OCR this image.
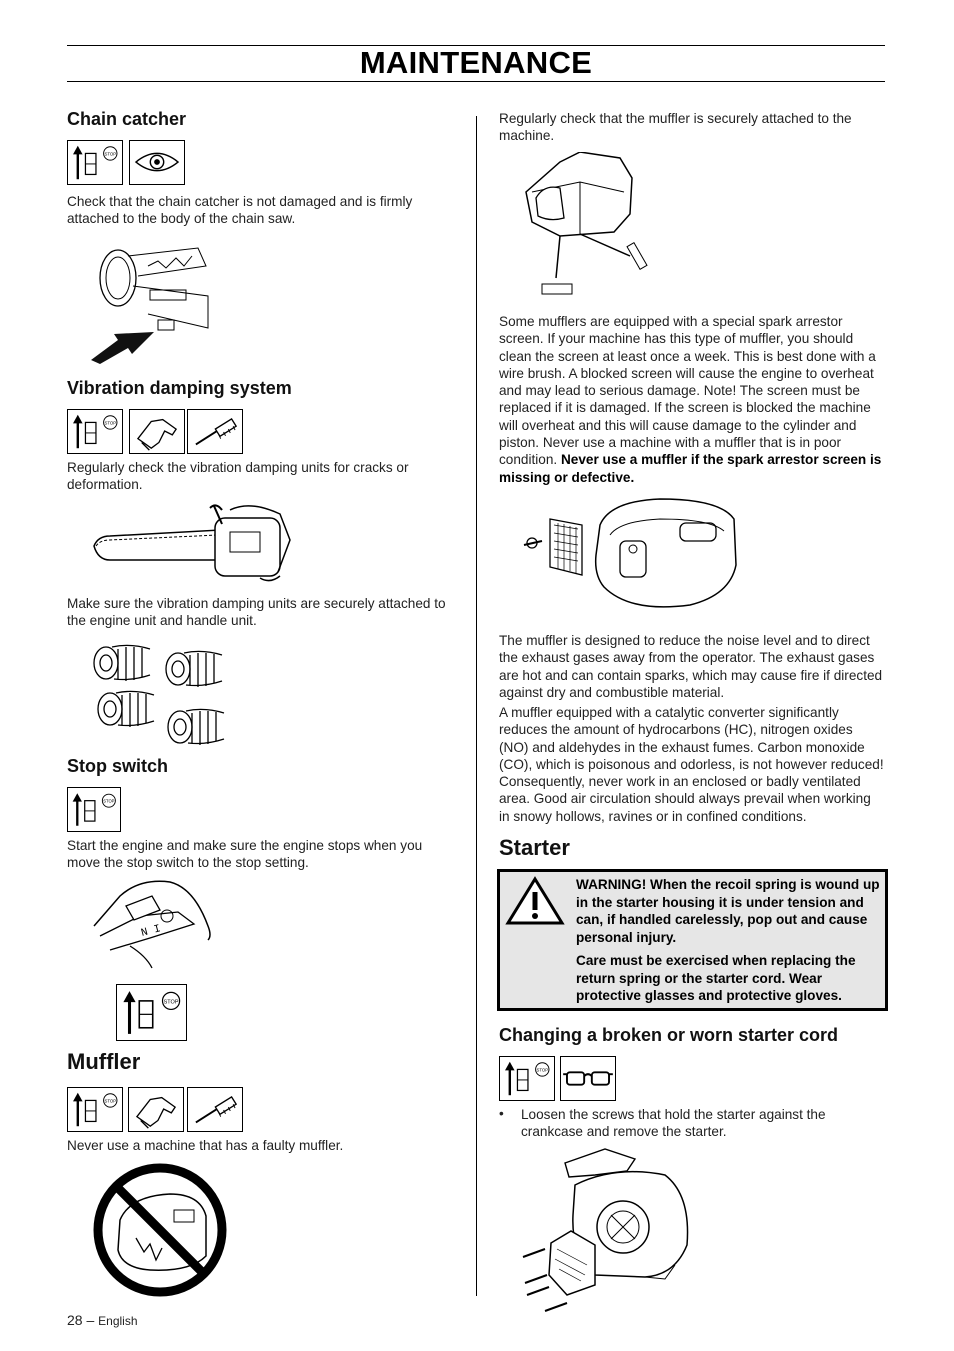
MAINTENANCE
Chain catcher
STOP
Check that the chain catcher is not damaged and is firmly attached to the body of the chain saw.
Vibration damping system
STOP
Regularly check the vibration damping units for cracks or deformation.
Make sure the vibration damping units are securely attached to the engine unit and handle unit.
Stop switch
STOP
Start the engine and make sure the engine stops when you move the stop switch to the stop setting.
N I
STOP
Muffler
STOP
Never use a machine that has a faulty muffler.
28 – English
Regularly check that the muffler is securely attached to the machine.
Some mufflers are equipped with a special spark arrestor screen. If your machine has this type of muffler, you should clean the screen at least once a week. This is best done with a wire brush. A blocked screen will cause the engine to overheat and may lead to serious damage. Note! The screen must be replaced if it is damaged. If the screen is blocked the machine will overheat and this will cause damage to the cylinder and piston. Never use a machine with a muffler that is in poor condition. Never use a muffler if the spark arrestor screen is missing or defective.
The muffler is designed to reduce the noise level and to direct the exhaust gases away from the operator. The exhaust gases are hot and can contain sparks, which may cause fire if directed against dry and combustible material.
A muffler equipped with a catalytic converter significantly reduces the amount of hydrocarbons (HC), nitrogen oxides (NO) and aldehydes in the exhaust fumes. Carbon monoxide (CO), which is poisonous and odorless, is not however reduced! Consequently, never work in an enclosed or badly ventilated area. Good air circulation should always prevail when working in snowy hollows, ravines or in confined conditions.
Starter
WARNING! When the recoil spring is wound up in the starter housing it is under tension and can, if handled carelessly, pop out and cause personal injury.
Care must be exercised when replacing the return spring or the starter cord. Wear protective glasses and protective gloves.
Changing a broken or worn starter cord
STOP
• Loosen the screws that hold the starter against the crankcase and remove the starter.
